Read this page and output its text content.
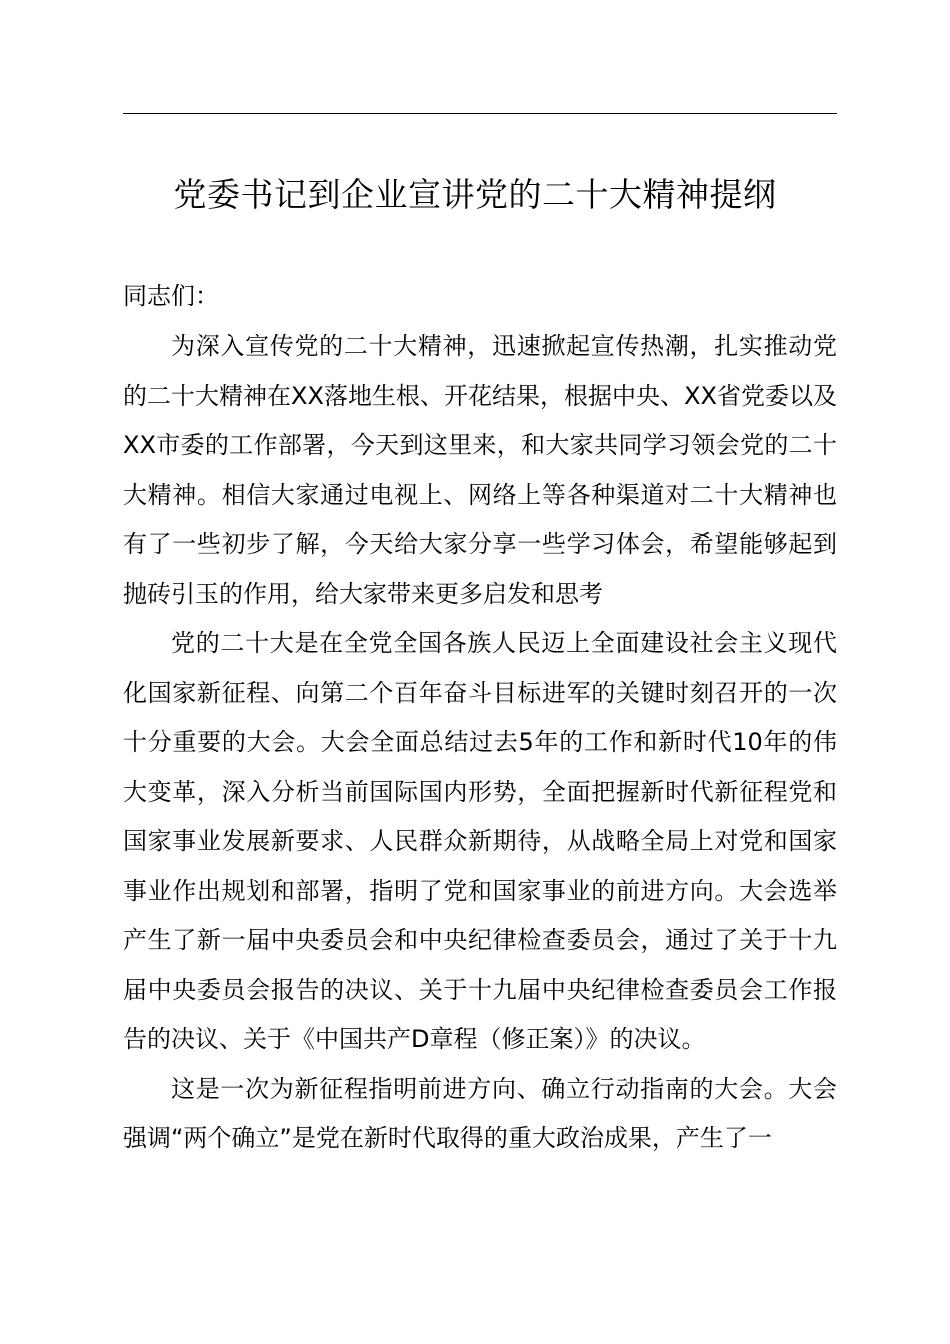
党委书记到企业宣讲党的二十大精神提纲
同志们：

为深入宣传党的二十大精神，迅速掀起宣传热潮，扎实推动党的二十大精神在XX落地生根、开花结果，根据中央、XX省党委以及XX市委的工作部署，今天到这里来，和大家共同学习领会党的二十大精神。相信大家通过电视上、网络上等各种渠道对二十大精神也有了一些初步了解，今天给大家分享一些学习体会，希望能够起到抛砖引玉的作用，给大家带来更多启发和思考

党的二十大是在全党全国各族人民迈上全面建设社会主义现代化国家新征程、向第二个百年奋斗目标进军的关键时刻召开的一次十分重要的大会。大会全面总结过去5年的工作和新时代10年的伟大变革，深入分析当前国际国内形势，全面把握新时代新征程党和国家事业发展新要求、人民群众新期待，从战略全局上对党和国家事业作出规划和部署，指明了党和国家事业的前进方向。大会选举产生了新一届中央委员会和中央纪律检查委员会，通过了关于十九届中央委员会报告的决议、关于十九届中央纪律检查委员会工作报告的决议、关于《中国共产D章程（修正案）》的决议。

这是一次为新征程指明前进方向、确立行动指南的大会。大会强调“两个确立”是党在新时代取得的重大政治成果，产生了一
